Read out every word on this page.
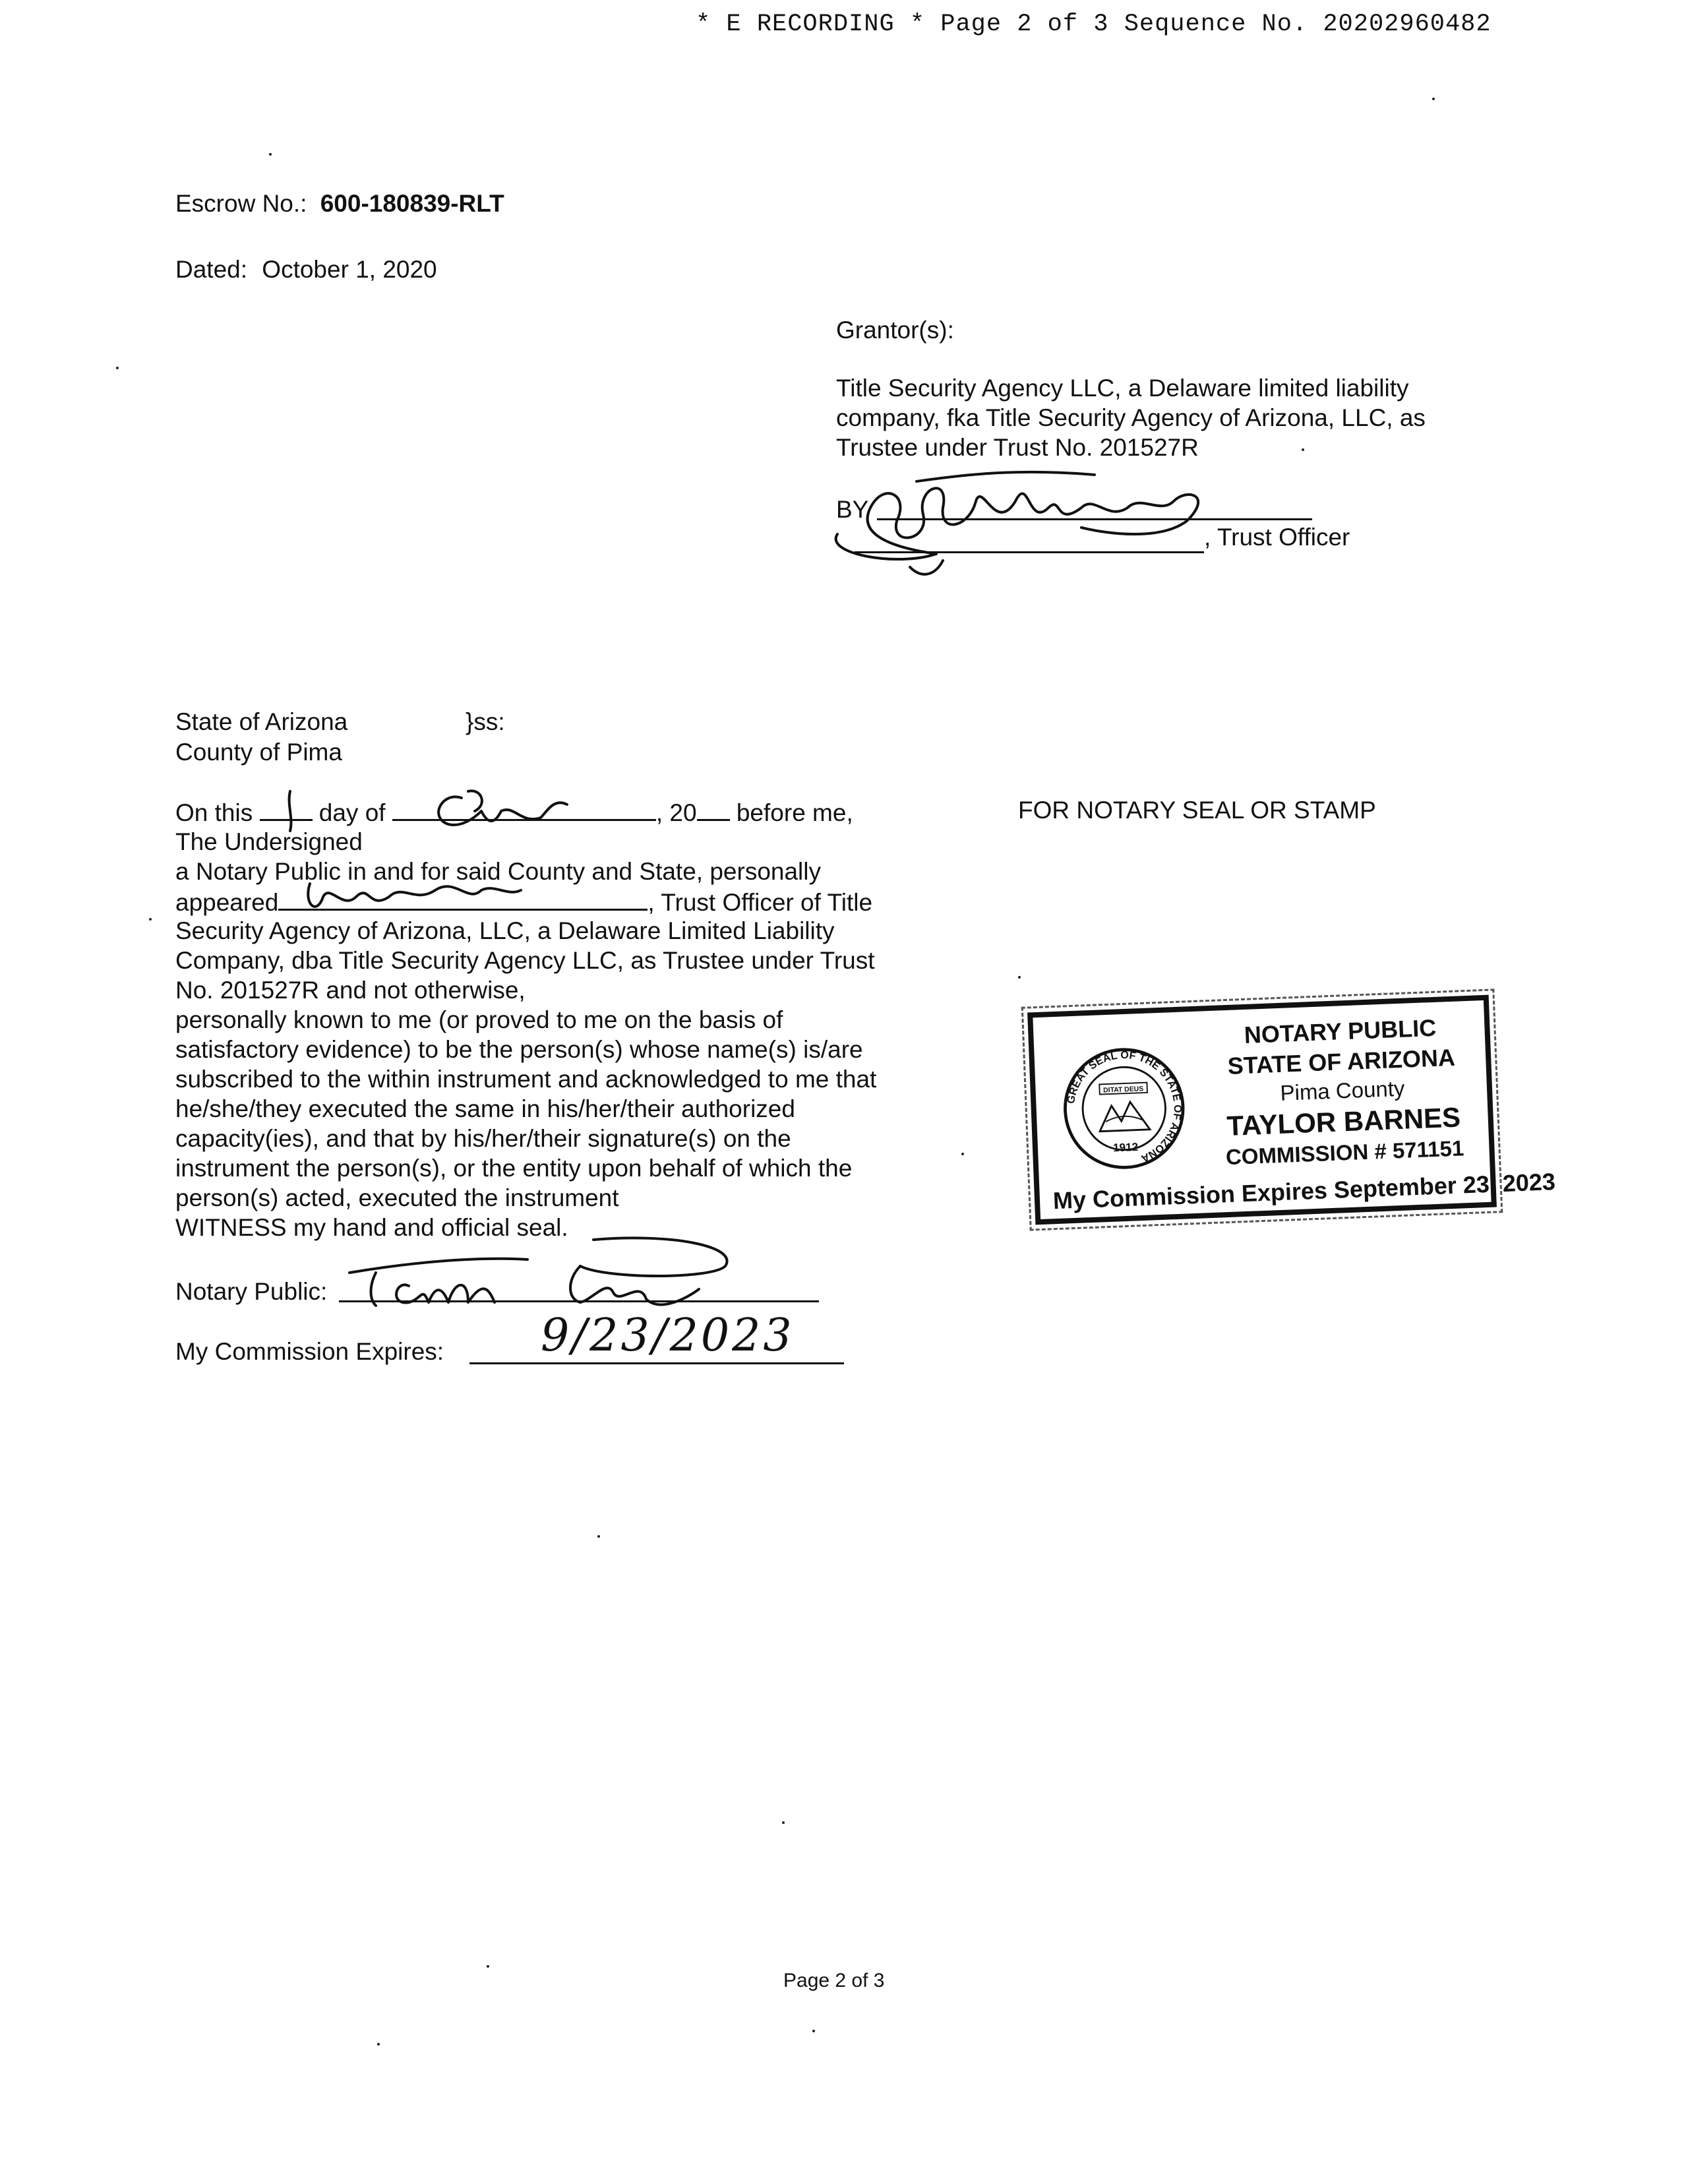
* E RECORDING * Page 2 of 3 Sequence No. 20202960482
Escrow No.: 600-180839-RLT
Dated: October 1, 2020
Grantor(s):
Title Security Agency LLC, a Delaware limited liability
company, fka Title Security Agency of Arizona, LLC, as
Trustee under Trust No. 201527R
BY
, Trust Officer
State of Arizona	}ss:
County of Pima
On this	day of	, 20 before me,
The Undersigned
a Notary Public in and for said County and State, personally
appeared	, Trust Officer of Title
Security Agency of Arizona, LLC, a Delaware Limited Liability
Company, dba Title Security Agency LLC, as Trustee under Trust
No. 201527R and not otherwise,
personally known to me (or proved to me on the basis of
satisfactory evidence) to be the person(s) whose name(s) is/are
subscribed to the within instrument and acknowledged to me that
he/she/they executed the same in his/her/their authorized
capacity(ies), and that by his/her/their signature(s) on the
instrument the person(s), or the entity upon behalf of which the
person(s) acted, executed the instrument
WITNESS my hand and official seal.
Notary Public:
My Commission Expires: 9/23/2023
FOR NOTARY SEAL OR STAMP
GREAT SEAL OF THE STATE OF ARIZONA
DITAT DEUS
1912
NOTARY PUBLIC
STATE OF ARIZONA
Pima County
TAYLOR BARNES
COMMISSION # 571151
My Commission Expires September 23, 2023
Page 2 of 3
